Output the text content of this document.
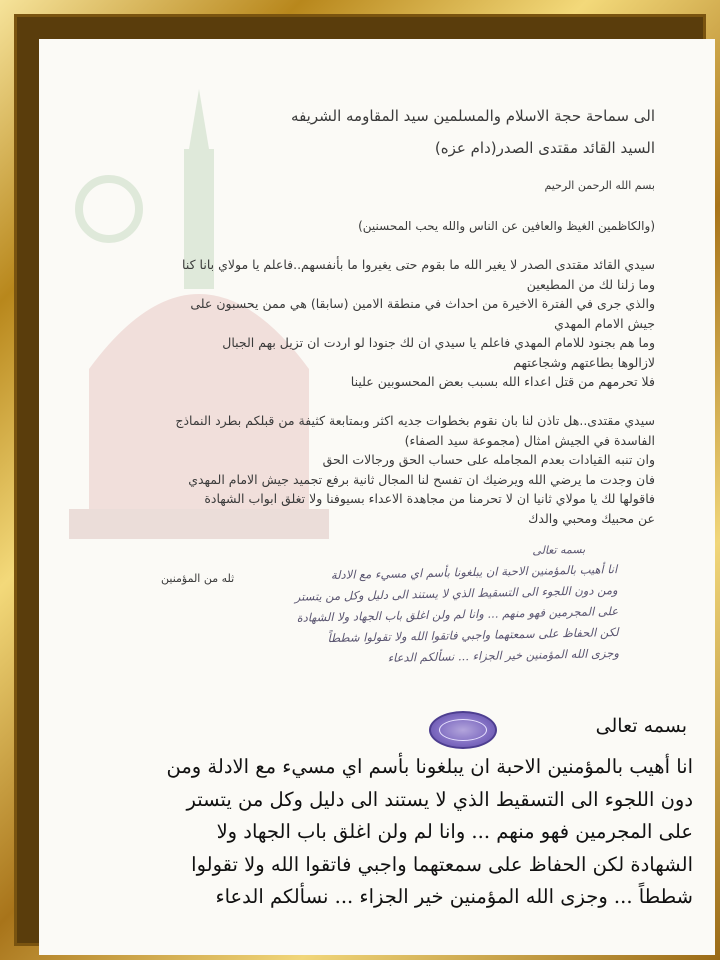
الى سماحة حجة الاسلام والمسلمين سيد المقاومه الشريفه
السيد القائد مقتدى الصدر(دام عزه)
بسم الله الرحمن الرحيم
(والكاظمين الغيظ والعافين عن الناس والله يحب المحسنين)
سيدي القائد مقتدى الصدر لا يغير الله ما بقوم حتى يغيروا ما بأنفسهم..فاعلم يا مولاي بانا كنا
وما زلنا لك من المطيعين
والذي جرى في الفترة الاخيرة من احداث في منطقة الامين (سابقا) هي ممن يحسبون على
جيش الامام المهدي
وما هم بجنود للامام المهدي فاعلم يا سيدي ان لك جنودا لو اردت ان تزيل بهم الجبال
لازالوها بطاعتهم وشجاعتهم
فلا تحرمهم من قتل اعداء الله بسبب بعض المحسوبين علينا
سيدي مقتدى..هل تاذن لنا بان نقوم بخطوات جديه اكثر وبمتابعة كثيفة من قبلكم بطرد النماذج
الفاسدة في الجيش امثال (مجموعة سيد الصفاء)
وان تنبه القيادات بعدم المجامله على حساب الحق ورجالات الحق
فان وجدت ما يرضي الله ويرضيك ان تفسح لنا المجال ثانية برفع تجميد جيش الامام المهدي
فاقولها لك يا مولاي ثانيا ان لا تحرمنا من مجاهدة الاعداء بسيوفنا ولا تغلق ابواب الشهادة
عن محبيك ومحبي والدك
ثله من المؤمنين
بسمه تعالى
انا أهيب بالمؤمنين الاحبة ان يبلغونا بأسم اي مسيء مع الادلة
ومن دون اللجوء الى التسقيط الذي لا يستند الى دليل وكل من يتستر
على المجرمين فهو منهم ... وانا لم ولن اغلق باب الجهاد ولا الشهادة
لكن الحفاظ على سمعتهما واجبي فاتقوا الله ولا تقولوا شططاً
وجزى الله المؤمنين خير الجزاء ... نسألكم الدعاء
بسمه تعالى
انا أهيب بالمؤمنين الاحبة ان يبلغونا بأسم اي مسيء مع الادلة ومن
دون اللجوء الى التسقيط الذي لا يستند الى دليل وكل من يتستر
على المجرمين فهو منهم ... وانا لم ولن اغلق باب الجهاد ولا
الشهادة لكن الحفاظ على سمعتهما واجبي فاتقوا الله ولا تقولوا
شططاً ... وجزى الله المؤمنين خير الجزاء ... نسألكم الدعاء
